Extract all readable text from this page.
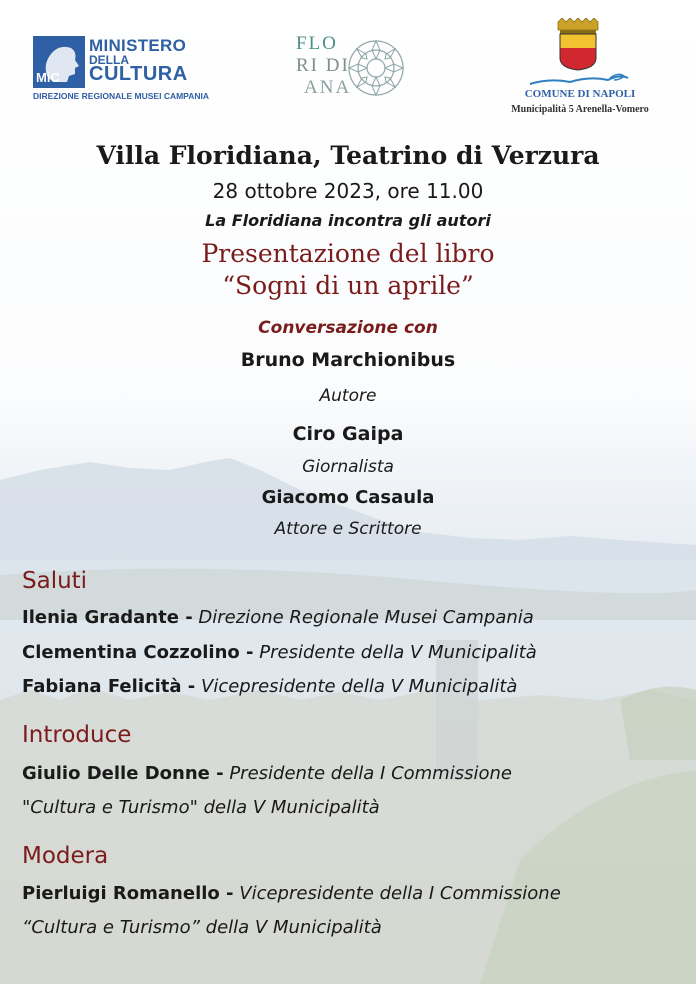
MiC
MINISTERO
DELLA
CULTURA
DIREZIONE REGIONALE MUSEI CAMPANIA
FLO
RI DI
ANA	COMUNE DI NAPOLI
Municipalità 5 Arenella-Vomero
Villa Floridiana, Teatrino di Verzura
28 ottobre 2023, ore 11.00
La Floridiana incontra gli autori
Presentazione del libro
“Sogni di un aprile”
Conversazione con
Bruno Marchionibus
Autore
Ciro Gaipa
Giornalista
Giacomo Casaula
Attore e Scrittore
Saluti
Ilenia Gradante - Direzione Regionale Musei Campania
Clementina Cozzolino - Presidente della V Municipalità
Fabiana Felicità - Vicepresidente della V Municipalità
Introduce
Giulio Delle Donne - Presidente della I Commissione
"Cultura e Turismo" della V Municipalità
Modera
Pierluigi Romanello - Vicepresidente della I Commissione
“Cultura e Turismo” della V Municipalità
